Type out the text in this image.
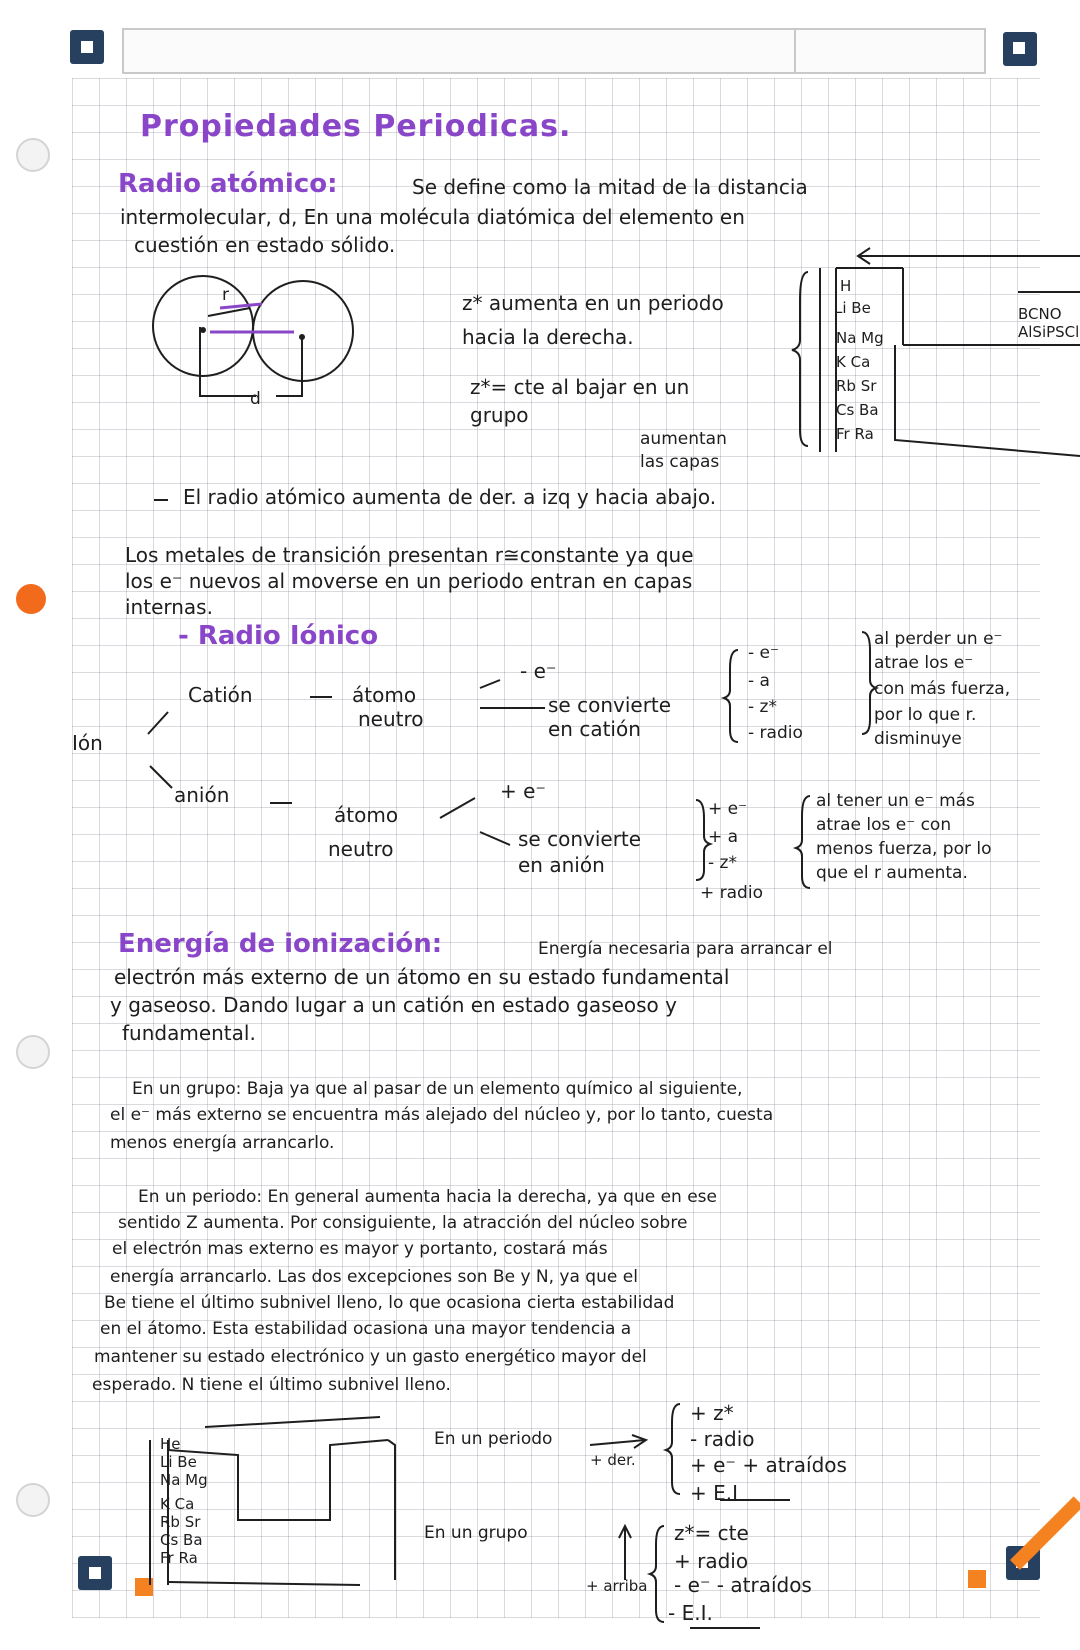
Propiedades Periodicas.
Radio atómico:	Se define como la mitad de la distancia
intermolecular, d, En una molécula diatómica del elemento en
cuestión en estado sólido.
r
d
z* aumenta en un periodo
hacia la derecha.
z*= cte al bajar en un
grupo
aumentan
las capas
H
Li Be
Na Mg
K Ca
Rb Sr
Cs Ba
Fr Ra
BCNO
AlSiPSCl
El radio atómico aumenta de der. a izq y hacia abajo.
Los metales de transición presentan r≅constante ya que
los e⁻ nuevos al moverse en un periodo entran en capas
internas.
- Radio Iónico
Ión
Catión	átomo
neutro
- e⁻
se convierte
en catión
- e⁻
- a
- z*
- radio
al perder un e⁻
atrae los e⁻
con más fuerza,
por lo que r.
disminuye
anión	+ e⁻
átomo
neutro	se convierte
en anión
+ e⁻
+ a
- z*
+ radio
al tener un e⁻ más
atrae los e⁻ con
menos fuerza, por lo
que el r aumenta.
Energía de ionización:	Energía necesaria para arrancar el
electrón más externo de un átomo en su estado fundamental
y gaseoso. Dando lugar a un catión en estado gaseoso y
fundamental.
En un grupo: Baja ya que al pasar de un elemento químico al siguiente,
el e⁻ más externo se encuentra más alejado del núcleo y, por lo tanto, cuesta
menos energía arrancarlo.
En un periodo: En general aumenta hacia la derecha, ya que en ese
sentido Z aumenta. Por consiguiente, la atracción del núcleo sobre
el electrón mas externo es mayor y portanto, costará más
energía arrancarlo. Las dos excepciones son Be y N, ya que el
Be tiene el último subnivel lleno, lo que ocasiona cierta estabilidad
en el átomo. Esta estabilidad ocasiona una mayor tendencia a
mantener su estado electrónico y un gasto energético mayor del
esperado. N tiene el último subnivel lleno.
He
Li Be
Na Mg
K Ca
Rb Sr
Cs Ba
Fr Ra
En un periodo
+ der.
+ z*
- radio
+ e⁻ + atraídos
+ E.I
En un grupo
+ arriba
z*= cte
+ radio
- e⁻ - atraídos
- E.I.
